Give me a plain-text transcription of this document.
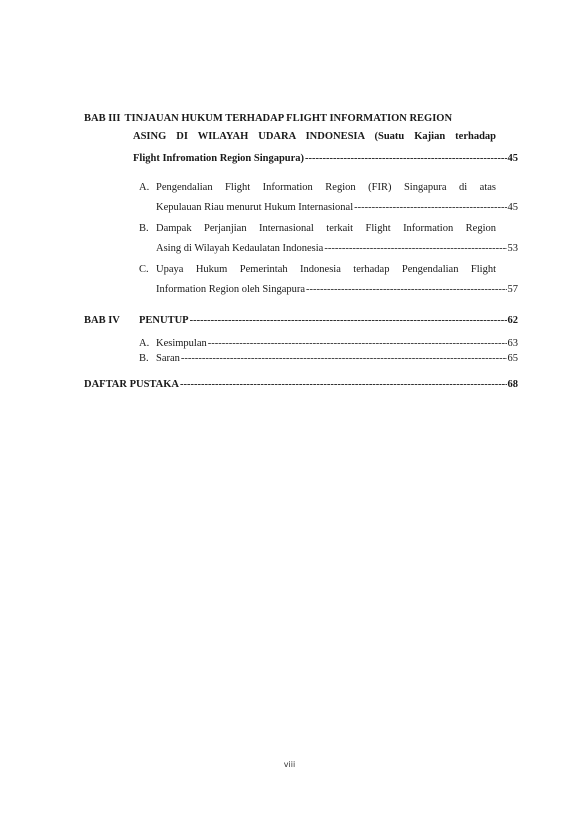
BAB III TINJAUAN HUKUM TERHADAP FLIGHT INFORMATION REGION
ASING DI WILAYAH UDARA INDONESIA (Suatu Kajian terhadap
Flight Infromation Region Singapura) -----	45
A. Pengendalian Flight Information Region (FIR) Singapura di atas
Kepulauan Riau menurut Hukum Internasional -----	45
B. Dampak Perjanjian Internasional terkait Flight Information Region
Asing di Wilayah Kedaulatan Indonesia -----	53
C. Upaya Hukum Pemerintah Indonesia terhadap Pengendalian Flight
Information Region oleh Singapura -----	57
BAB IV PENUTUP -----	62
A. Kesimpulan -----	63
B. Saran -----	65
DAFTAR PUSTAKA -----	68
viii
